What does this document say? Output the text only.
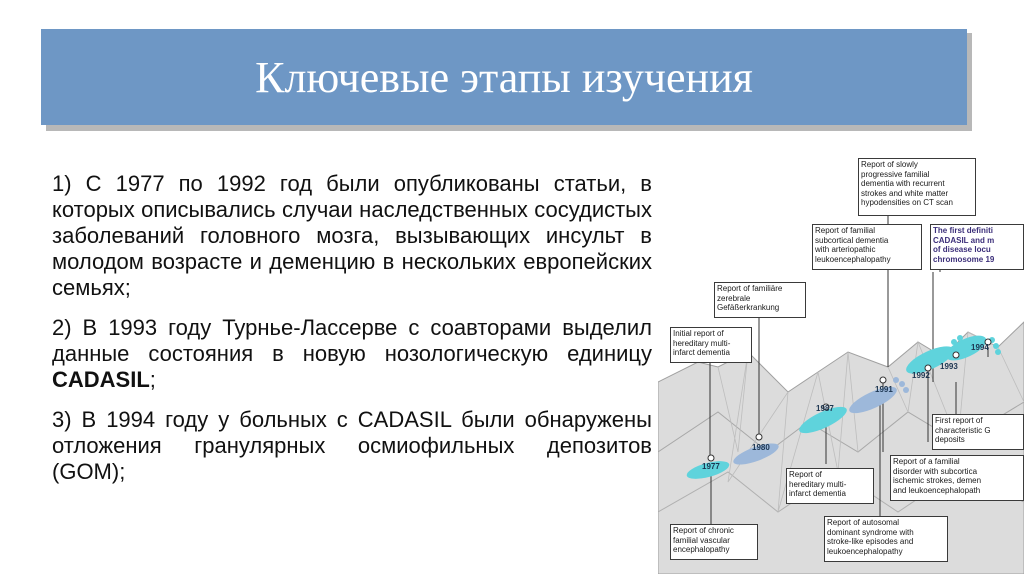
Ключевые этапы изучения

1) С 1977 по 1992 год были опубликованы статьи, в которых описывались случаи наследственных сосудистых заболеваний головного мозга, вызывающих инсульт в молодом возрасте и деменцию в нескольких европейских семьях;

2) В 1993 году Турнье-Лассерве с соавторами выделил данные состояния в новую нозологическую единицу CADASIL;

3) В 1994 году у больных с CADASIL были обнаружены отложения гранулярных осмиофильных депозитов (GOM);	1977
1980
1987
1991
1992
1993
1994
Report of slowly
progressive familial
dementia with recurrent
strokes and white matter
hypodensities on CT scan
Report of familial
subcortical dementia
with arteriopathic
leukoencephalopathy
The first definiti
CADASIL and m
of disease locu
chromosome 19
Report of familiäre
zerebrale
Gefäßerkrankung
Initial report of
hereditary multi-
infarct dementia
First report of
characteristic G
deposits
Report of a familial
disorder with subcortica
ischemic strokes, demen
and leukoencephalopath
Report of
hereditary multi-
infarct dementia
Report of chronic
familial vascular
encephalopathy
Report of autosomal
dominant syndrome with
stroke-like episodes and
leukoencephalopathy
